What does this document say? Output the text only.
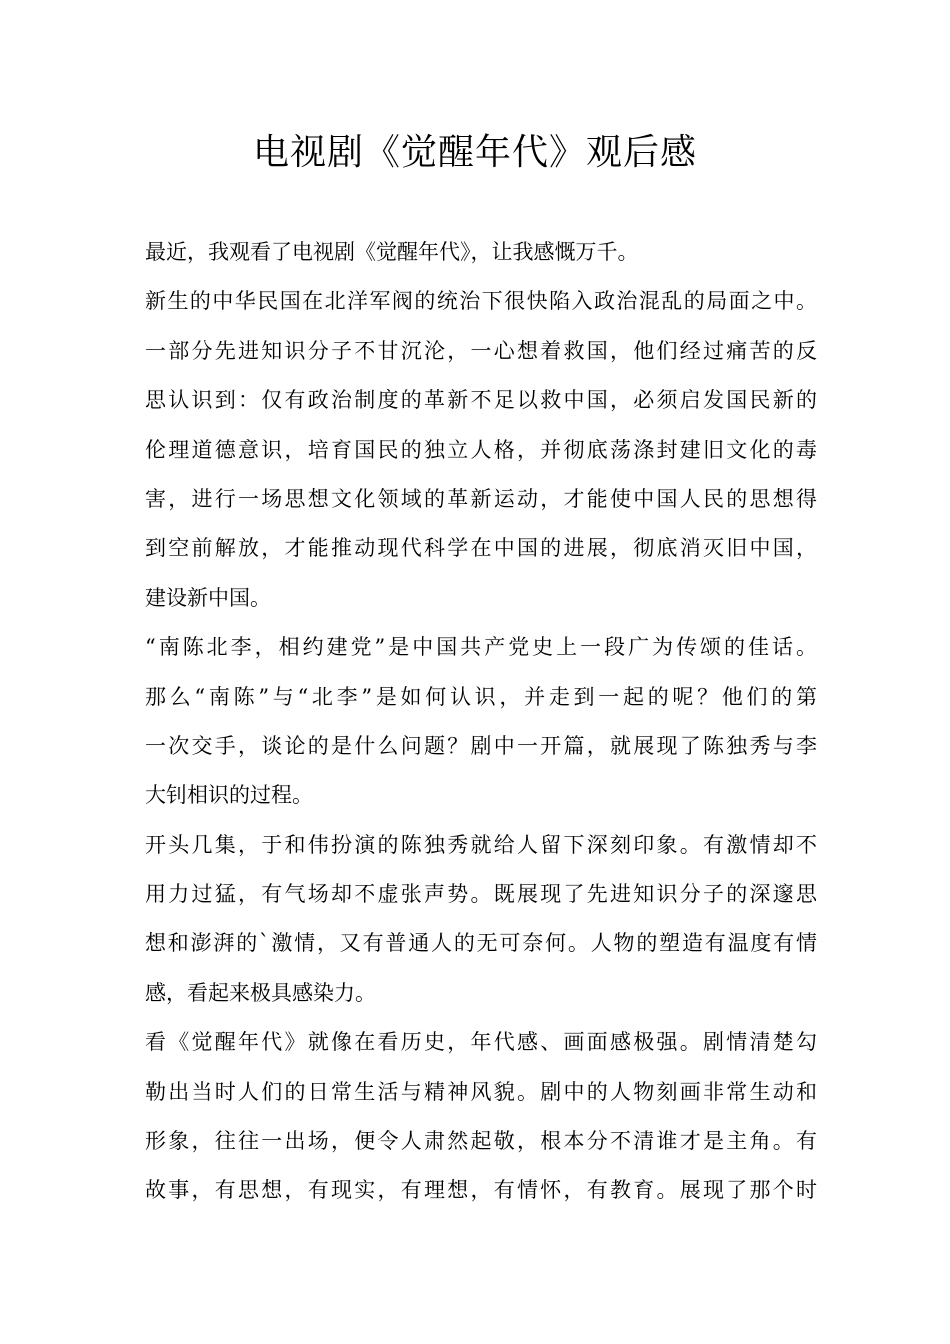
电视剧《觉醒年代》观后感
最近，我观看了电视剧《觉醒年代》，让我感慨万千。
新生的中华民国在北洋军阀的统治下很快陷入政治混乱的局面之中。
一部分先进知识分子不甘沉沦，一心想着救国，他们经过痛苦的反
思认识到：仅有政治制度的革新不足以救中国，必须启发国民新的
伦理道德意识，培育国民的独立人格，并彻底荡涤封建旧文化的毒
害，进行一场思想文化领域的革新运动，才能使中国人民的思想得
到空前解放，才能推动现代科学在中国的进展，彻底消灭旧中国，
建设新中国。
“南陈北李，相约建党”是中国共产党史上一段广为传颂的佳话。
那么“南陈”与“北李”是如何认识，并走到一起的呢？他们的第
一次交手，谈论的是什么问题？剧中一开篇，就展现了陈独秀与李
大钊相识的过程。
开头几集，于和伟扮演的陈独秀就给人留下深刻印象。有激情却不
用力过猛，有气场却不虚张声势。既展现了先进知识分子的深邃思
想和澎湃的`激情，又有普通人的无可奈何。人物的塑造有温度有情
感，看起来极具感染力。
看《觉醒年代》就像在看历史，年代感、画面感极强。剧情清楚勾
勒出当时人们的日常生活与精神风貌。剧中的人物刻画非常生动和
形象，往往一出场，便令人肃然起敬，根本分不清谁才是主角。有
故事，有思想，有现实，有理想，有情怀，有教育。展现了那个时
